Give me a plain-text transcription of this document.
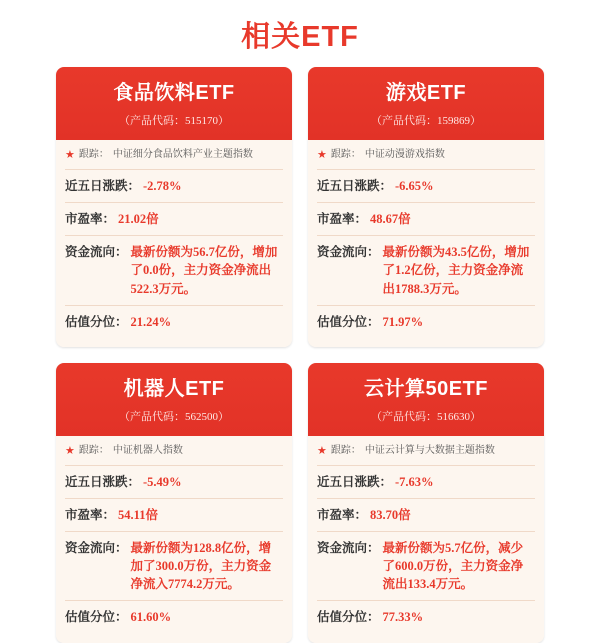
相关ETF
食品饮料ETF
（产品代码：515170）
★ 跟踪： 中证细分食品饮料产业主题指数
近五日涨跌： -2.78%
市盈率： 21.02倍
资金流向： 最新份额为56.7亿份，增加了0.0份，主力资金净流出522.3万元。
估值分位： 21.24%
游戏ETF
（产品代码：159869）
★ 跟踪： 中证动漫游戏指数
近五日涨跌： -6.65%
市盈率： 48.67倍
资金流向： 最新份额为43.5亿份，增加了1.2亿份，主力资金净流出1788.3万元。
估值分位： 71.97%
机器人ETF
（产品代码：562500）
★ 跟踪： 中证机器人指数
近五日涨跌： -5.49%
市盈率： 54.11倍
资金流向： 最新份额为128.8亿份，增加了300.0万份，主力资金净流入7774.2万元。
估值分位： 61.60%
云计算50ETF
（产品代码：516630）
★ 跟踪： 中证云计算与大数据主题指数
近五日涨跌： -7.63%
市盈率： 83.70倍
资金流向： 最新份额为5.7亿份，减少了600.0万份，主力资金净流出133.4万元。
估值分位： 77.33%
